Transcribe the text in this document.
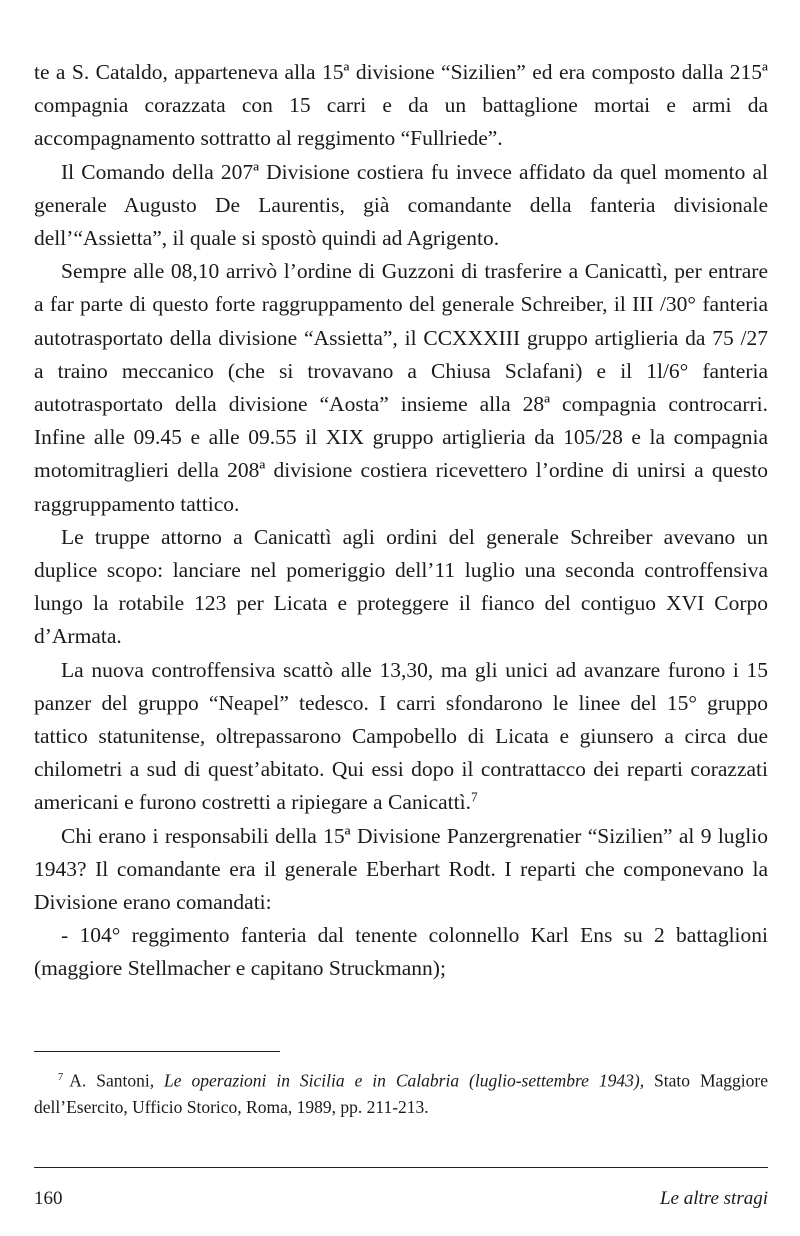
te a S. Cataldo, apparteneva alla 15ª divisione “Sizilien” ed era composto dalla 215ª compagnia corazzata con 15 carri e da un battaglione mortai e armi da accompagnamento sottratto al reggimento “Fullriede”.

Il Comando della 207ª Divisione costiera fu invece affidato da quel momento al generale Augusto De Laurentis, già comandante della fanteria divisionale dell’“Assietta”, il quale si spostò quindi ad Agrigento.

Sempre alle 08,10 arrivò l’ordine di Guzzoni di trasferire a Canicattì, per entrare a far parte di questo forte raggruppamento del generale Schreiber, il III /30° fanteria autotrasportato della divisione “Assietta”, il CCXXXIII gruppo artiglieria da 75 /27 a traino meccanico (che si trovavano a Chiusa Sclafani) e il 1l/6° fanteria autotrasportato della divisione “Aosta” insieme alla 28ª compagnia controcarri. Infine alle 09.45 e alle 09.55 il XIX gruppo artiglieria da 105/28 e la compagnia motomitraglieri della 208ª divisione costiera ricevettero l’ordine di unirsi a questo raggruppamento tattico.

Le truppe attorno a Canicattì agli ordini del generale Schreiber avevano un duplice scopo: lanciare nel pomeriggio dell’11 luglio una seconda controffensiva lungo la rotabile 123 per Licata e proteggere il fianco del contiguo XVI Corpo d’Armata.

La nuova controffensiva scattò alle 13,30, ma gli unici ad avanzare furono i 15 panzer del gruppo “Neapel” tedesco. I carri sfondarono le linee del 15° gruppo tattico statunitense, oltrepassarono Campobello di Licata e giunsero a circa due chilometri a sud di quest’abitato. Qui essi dopo il contrattacco dei reparti corazzati americani e furono costretti a ripiegare a Canicattì.$^7$

Chi erano i responsabili della 15ª Divisione Panzergrenatier “Sizilien” al 9 luglio 1943? Il comandante era il generale Eberhart Rodt. I reparti che componevano la Divisione erano comandati:

- 104° reggimento fanteria dal tenente colonnello Karl Ens su 2 battaglioni (maggiore Stellmacher e capitano Struckmann);

$^7$ A. Santoni, Le operazioni in Sicilia e in Calabria (luglio-settembre 1943), Stato Maggiore dell’Esercito, Ufficio Storico, Roma, 1989, pp. 211-213.
160	Le altre stragi
